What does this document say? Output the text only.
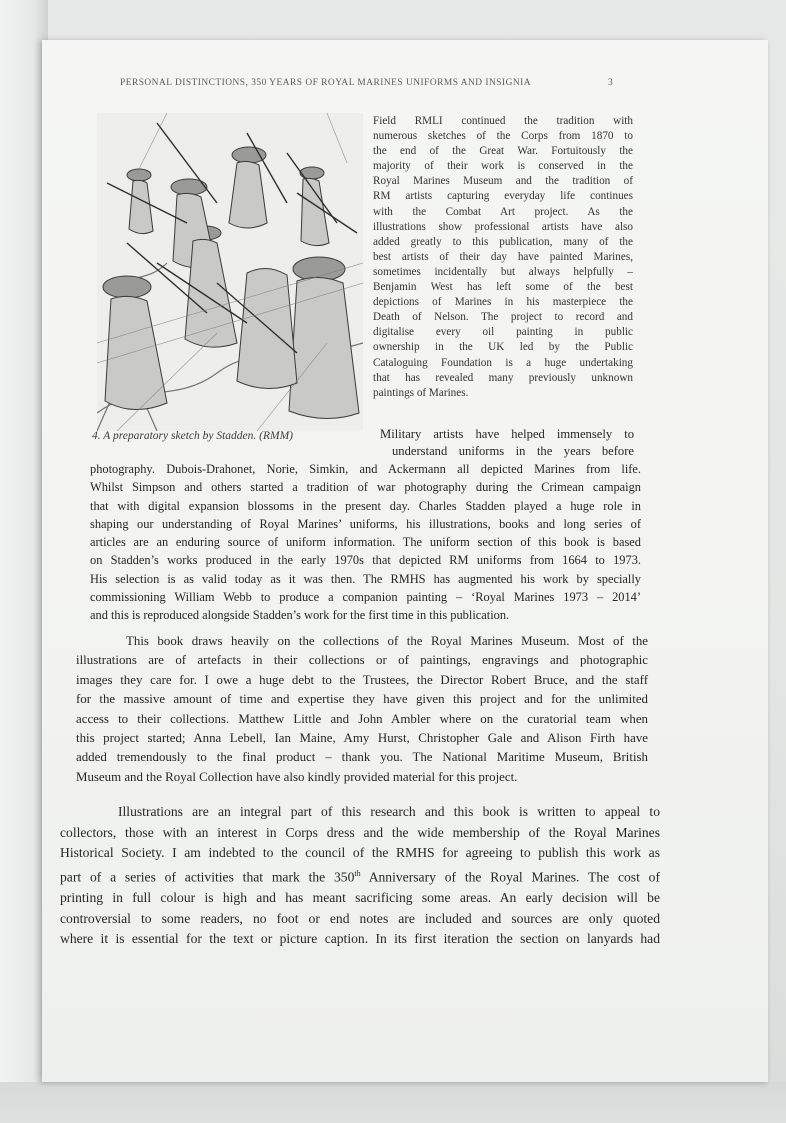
PERSONAL DISTINCTIONS, 350 YEARS OF ROYAL MARINES UNIFORMS AND INSIGNIA	3
4. A preparatory sketch by Stadden. (RMM)
Field RMLI continued the tradition with
numerous sketches of the Corps from 1870 to
the end of the Great War. Fortuitously the
majority of their work is conserved in the
Royal Marines Museum and the tradition of
RM artists capturing everyday life continues
with the Combat Art project. As the
illustrations show professional artists have also
added greatly to this publication, many of the
best artists of their day have painted Marines,
sometimes incidentally but always helpfully –
Benjamin West has left some of the best
depictions of Marines in his masterpiece the
Death of Nelson. The project to record and
digitalise every oil painting in public
ownership in the UK led by the Public
Cataloguing Foundation is a huge undertaking
that has revealed many previously unknown
paintings of Marines.
Military artists have helped immensely to
understand uniforms in the years before
photography. Dubois-Drahonet, Norie, Simkin, and Ackermann all depicted Marines from life.
Whilst Simpson and others started a tradition of war photography during the Crimean campaign
that with digital expansion blossoms in the present day. Charles Stadden played a huge role in
shaping our understanding of Royal Marines’ uniforms, his illustrations, books and long series of
articles are an enduring source of uniform information. The uniform section of this book is based
on Stadden’s works produced in the early 1970s that depicted RM uniforms from 1664 to 1973.
His selection is as valid today as it was then. The RMHS has augmented his work by specially
commissioning William Webb to produce a companion painting – ‘Royal Marines 1973 – 2014’
and this is reproduced alongside Stadden’s work for the first time in this publication.
This book draws heavily on the collections of the Royal Marines Museum. Most of the
illustrations are of artefacts in their collections or of paintings, engravings and photographic
images they care for. I owe a huge debt to the Trustees, the Director Robert Bruce, and the staff
for the massive amount of time and expertise they have given this project and for the unlimited
access to their collections. Matthew Little and John Ambler where on the curatorial team when
this project started; Anna Lebell, Ian Maine, Amy Hurst, Christopher Gale and Alison Firth have
added tremendously to the final product – thank you. The National Maritime Museum, British
Museum and the Royal Collection have also kindly provided material for this project.
Illustrations are an integral part of this research and this book is written to appeal to
collectors, those with an interest in Corps dress and the wide membership of the Royal Marines
Historical Society. I am indebted to the council of the RMHS for agreeing to publish this work as
part of a series of activities that mark the 350th Anniversary of the Royal Marines. The cost of
printing in full colour is high and has meant sacrificing some areas. An early decision will be
controversial to some readers, no foot or end notes are included and sources are only quoted
where it is essential for the text or picture caption. In its first iteration the section on lanyards had
